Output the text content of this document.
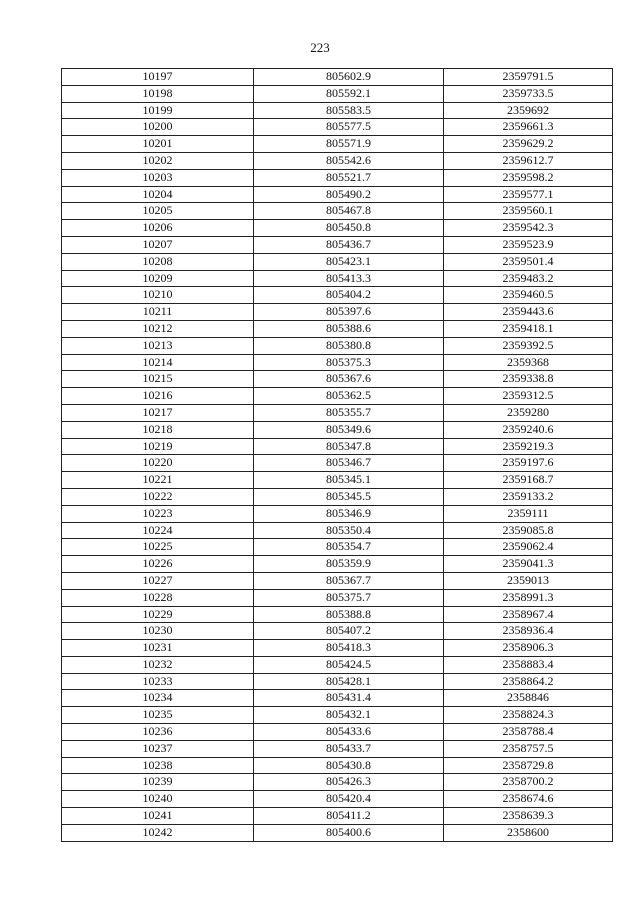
223
10197	805602.9	2359791.5
10198	805592.1	2359733.5
10199	805583.5	2359692
10200	805577.5	2359661.3
10201	805571.9	2359629.2
10202	805542.6	2359612.7
10203	805521.7	2359598.2
10204	805490.2	2359577.1
10205	805467.8	2359560.1
10206	805450.8	2359542.3
10207	805436.7	2359523.9
10208	805423.1	2359501.4
10209	805413.3	2359483.2
10210	805404.2	2359460.5
10211	805397.6	2359443.6
10212	805388.6	2359418.1
10213	805380.8	2359392.5
10214	805375.3	2359368
10215	805367.6	2359338.8
10216	805362.5	2359312.5
10217	805355.7	2359280
10218	805349.6	2359240.6
10219	805347.8	2359219.3
10220	805346.7	2359197.6
10221	805345.1	2359168.7
10222	805345.5	2359133.2
10223	805346.9	2359111
10224	805350.4	2359085.8
10225	805354.7	2359062.4
10226	805359.9	2359041.3
10227	805367.7	2359013
10228	805375.7	2358991.3
10229	805388.8	2358967.4
10230	805407.2	2358936.4
10231	805418.3	2358906.3
10232	805424.5	2358883.4
10233	805428.1	2358864.2
10234	805431.4	2358846
10235	805432.1	2358824.3
10236	805433.6	2358788.4
10237	805433.7	2358757.5
10238	805430.8	2358729.8
10239	805426.3	2358700.2
10240	805420.4	2358674.6
10241	805411.2	2358639.3
10242	805400.6	2358600
